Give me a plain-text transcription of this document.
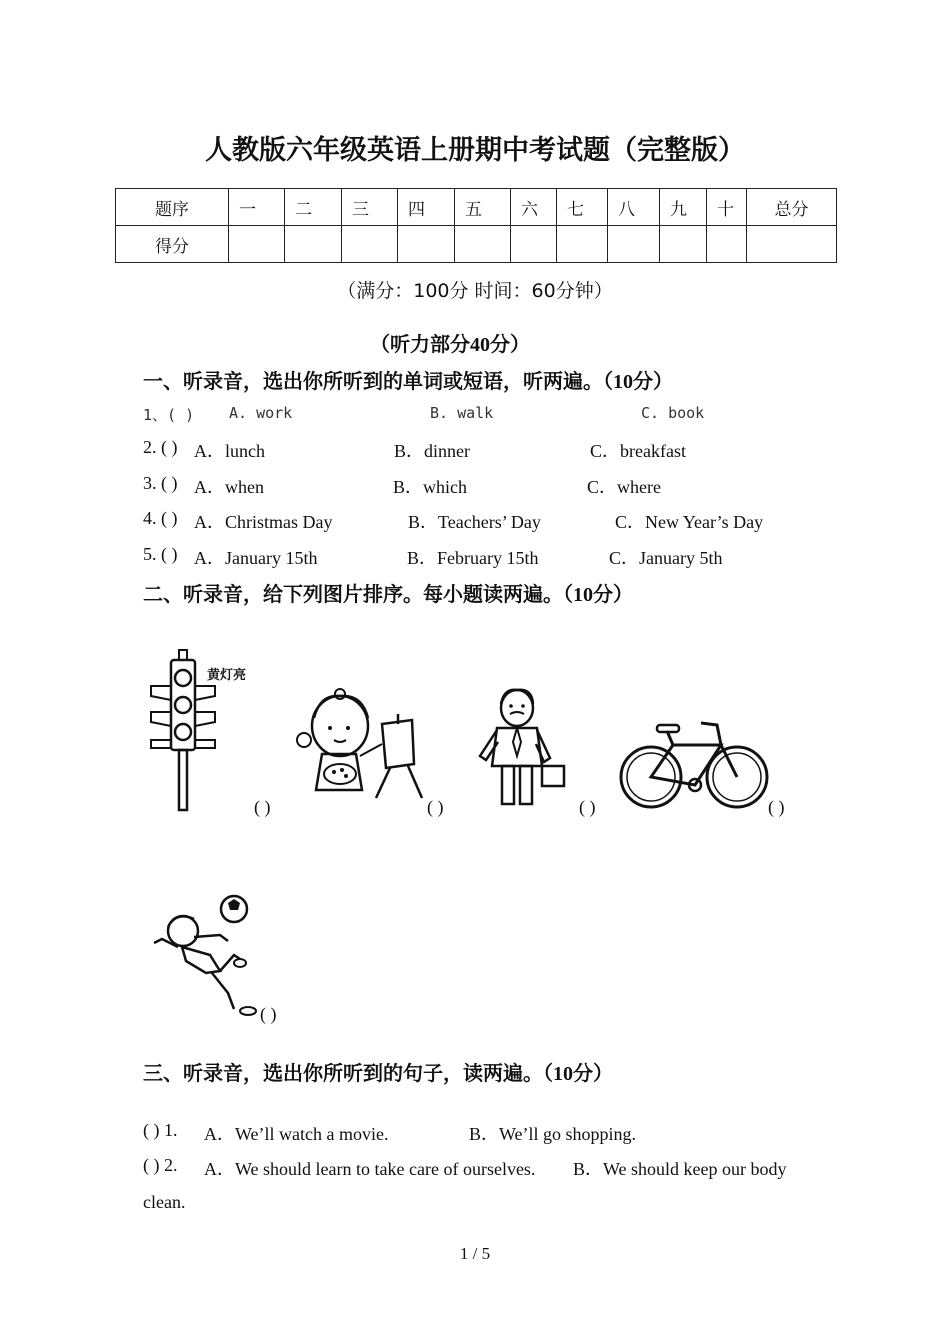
人教版六年级英语上册期中考试题（完整版）
题序	一	二	三	四	五	六	七	八	九	十	总分
得分											
（满分：100分 时间：60分钟）
（听力部分40分）
一、听录音，选出你所听到的单词或短语，听两遍。（10分）
1、( ) A. work	B. walk	C. book
2. ( ) A．lunch	B．dinner	C．breakfast
3. ( ) A．when	B．which	C．where
4. ( ) A．Christmas Day	B．Teachers’ Day	C．New Year’s Day
5. ( ) A．January 15th	B．February 15th	C．January 5th
二、听录音，给下列图片排序。每小题读两遍。（10分）
黄灯亮
( )	( )	( )	( )
( )
三、听录音，选出你所听到的句子，读两遍。（10分）
( ) 1. A．We’ll watch a movie.	B．We’ll go shopping.
( ) 2. A．We should learn to take care of ourselves. B．We should keep our body
clean.
1 / 5
